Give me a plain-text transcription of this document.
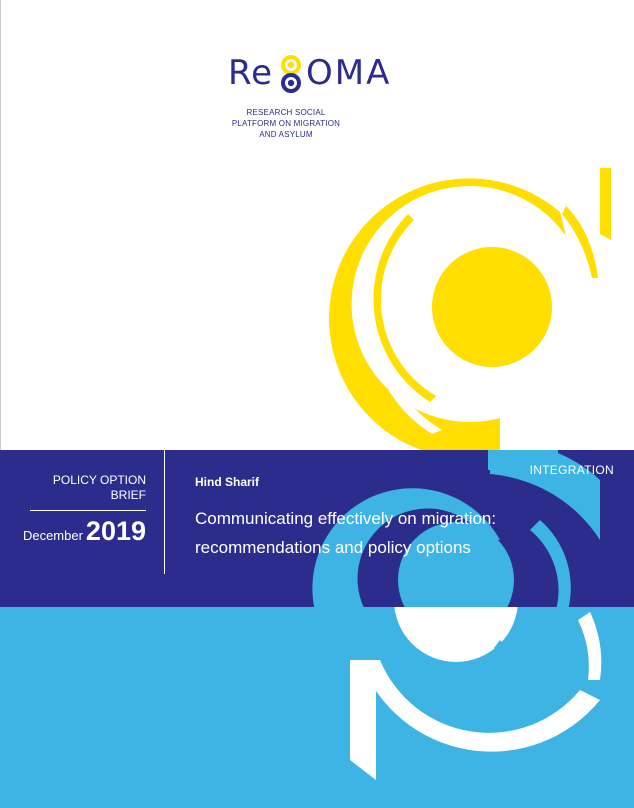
Re OMA
RESEARCH SOCIAL
PLATFORM ON MIGRATION
AND ASYLUM
POLICY OPTION
BRIEF
December 2019
Hind Sharif
Communicating effectively on migration:
recommendations and policy options
INTEGRATION
